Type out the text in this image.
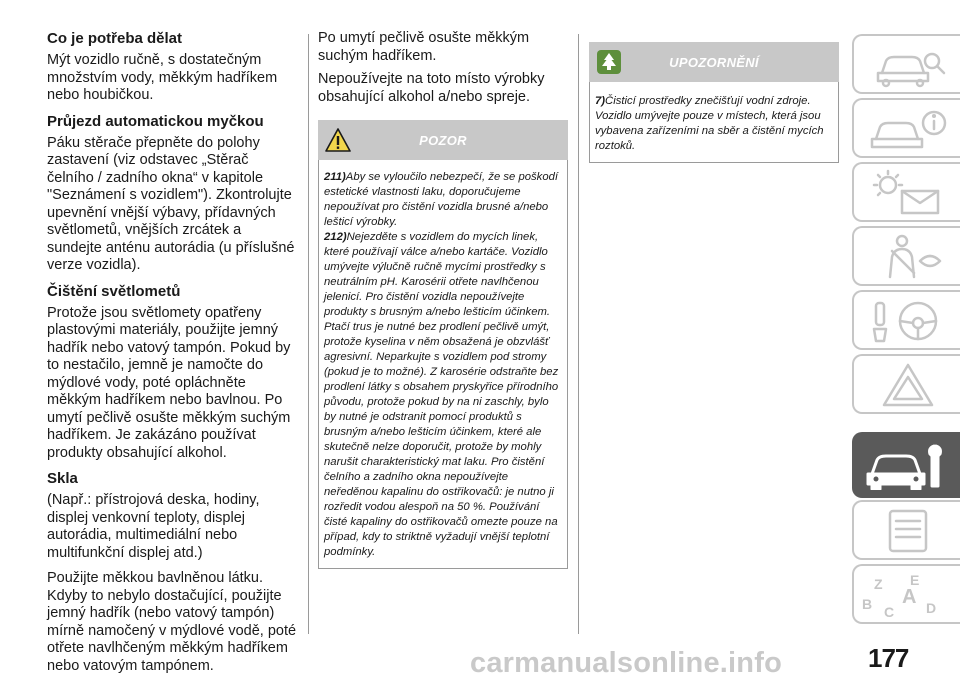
Co je potřeba dělat

Mýt vozidlo ručně, s dostatečným množstvím vody, měkkým hadříkem nebo houbičkou.

Průjezd automatickou myčkou

Páku stěrače přepněte do polohy zastavení (viz odstavec „Stěrač čelního / zadního okna“ v kapitole "Seznámení s vozidlem"). Zkontrolujte upevnění vnější výbavy, přídavných světlometů, vnějších zrcátek a sundejte anténu autorádia (u příslušné verze vozidla).

Čištění světlometů

Protože jsou světlomety opatřeny plastovými materiály, použijte jemný hadřík nebo vatový tampón. Pokud by to nestačilo, jemně je namočte do mýdlové vody, poté opláchněte měkkým hadříkem nebo bavlnou. Po umytí pečlivě osušte měkkým suchým hadříkem. Je zakázáno používat produkty obsahující alkohol.

Skla

(Např.: přístrojová deska, hodiny, displej venkovní teploty, displej autorádia, multimediální nebo multifunkční displej atd.)

Použijte měkkou bavlněnou látku. Kdyby to nebylo dostačující, použijte jemný hadřík (nebo vatový tampón) mírně namočený v mýdlové vodě, poté otřete navlhčeným měkkým hadříkem nebo vatovým tampónem.

Po umytí pečlivě osušte měkkým suchým hadříkem.

Nepoužívejte na toto místo výrobky obsahující alkohol a/nebo spreje.

POZOR
211)Aby se vyloučilo nebezpečí, že se poškodí estetické vlastnosti laku, doporučujeme nepoužívat pro čistění vozidla brusné a/nebo lešticí výrobky.
212)Nejezděte s vozidlem do mycích linek, které používají válce a/nebo kartáče. Vozidlo umývejte výlučně ručně mycími prostředky s neutrálním pH. Karosérii otřete navlhčenou jelenicí. Pro čistění vozidla nepoužívejte produkty s brusným a/nebo lešticím účinkem. Ptačí trus je nutné bez prodlení pečlivě umýt, protože kyselina v něm obsažená je obzvlášť agresivní. Neparkujte s vozidlem pod stromy (pokud je to možné). Z karosérie odstraňte bez prodlení látky s obsahem pryskyřice přírodního původu, protože pokud by na ni zaschly, bylo by nutné je odstranit pomocí produktů s brusným a/nebo lešticím účinkem, které ale skutečně nelze doporučit, protože by mohly narušit charakteristický mat laku. Pro čistění čelního a zadního okna nepoužívejte neředěnou kapalinu do ostřikovačů: je nutno ji rozředit vodou alespoň na 50 %. Používání čisté kapaliny do ostřikovačů omezte pouze na případ, kdy to striktně vyžadují vnější teplotní podmínky.
UPOZORNĚNÍ
7)Čisticí prostředky znečišťují vodní zdroje. Vozidlo umývejte pouze v místech, která jsou vybavena zařízeními na sběr a čistění mycích roztoků.
Z E
B A
C D
carmanualsonline.info	177
